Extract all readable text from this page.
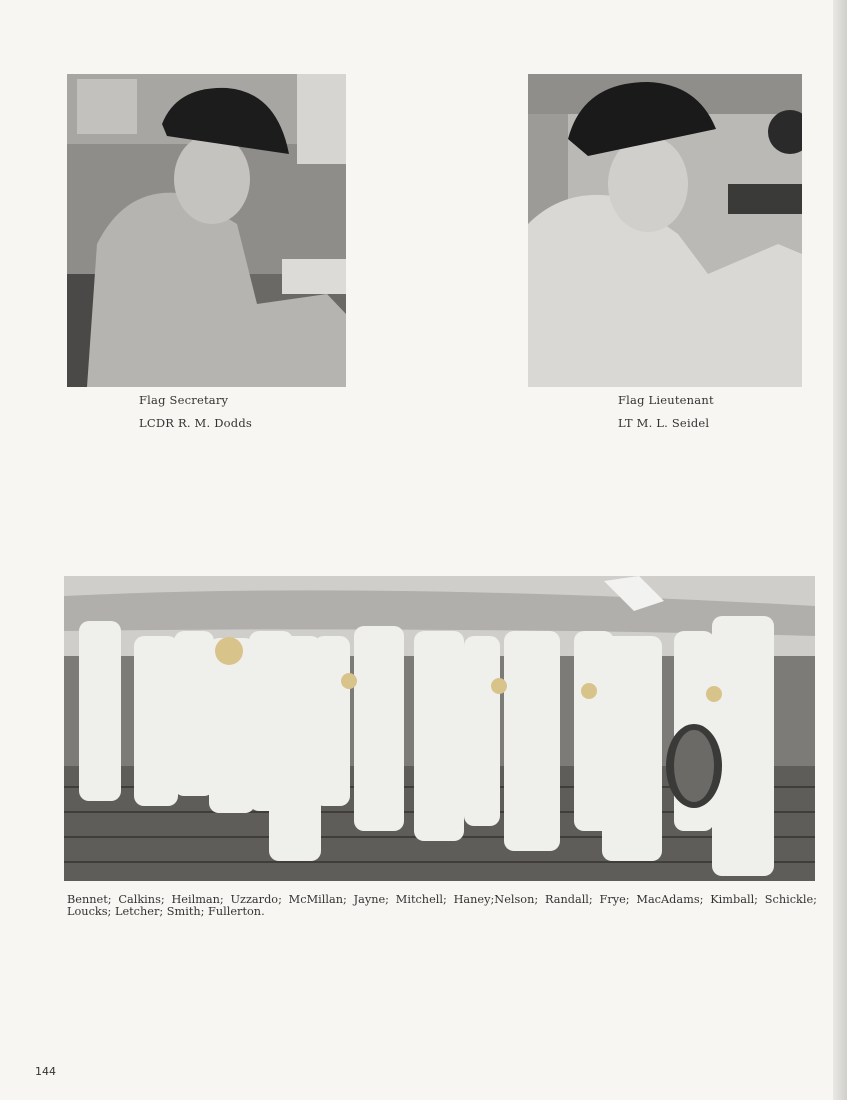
Flag Secretary
LCDR R. M. Dodds
Flag Lieutenant
LT M. L. Seidel
Bennet; Calkins; Heilman; Uzzardo; McMillan; Jayne; Mitchell; Haney;Nelson; Randall; Frye; MacAdams; Kimball; Schickle; Loucks; Letcher; Smith; Fullerton.
144
